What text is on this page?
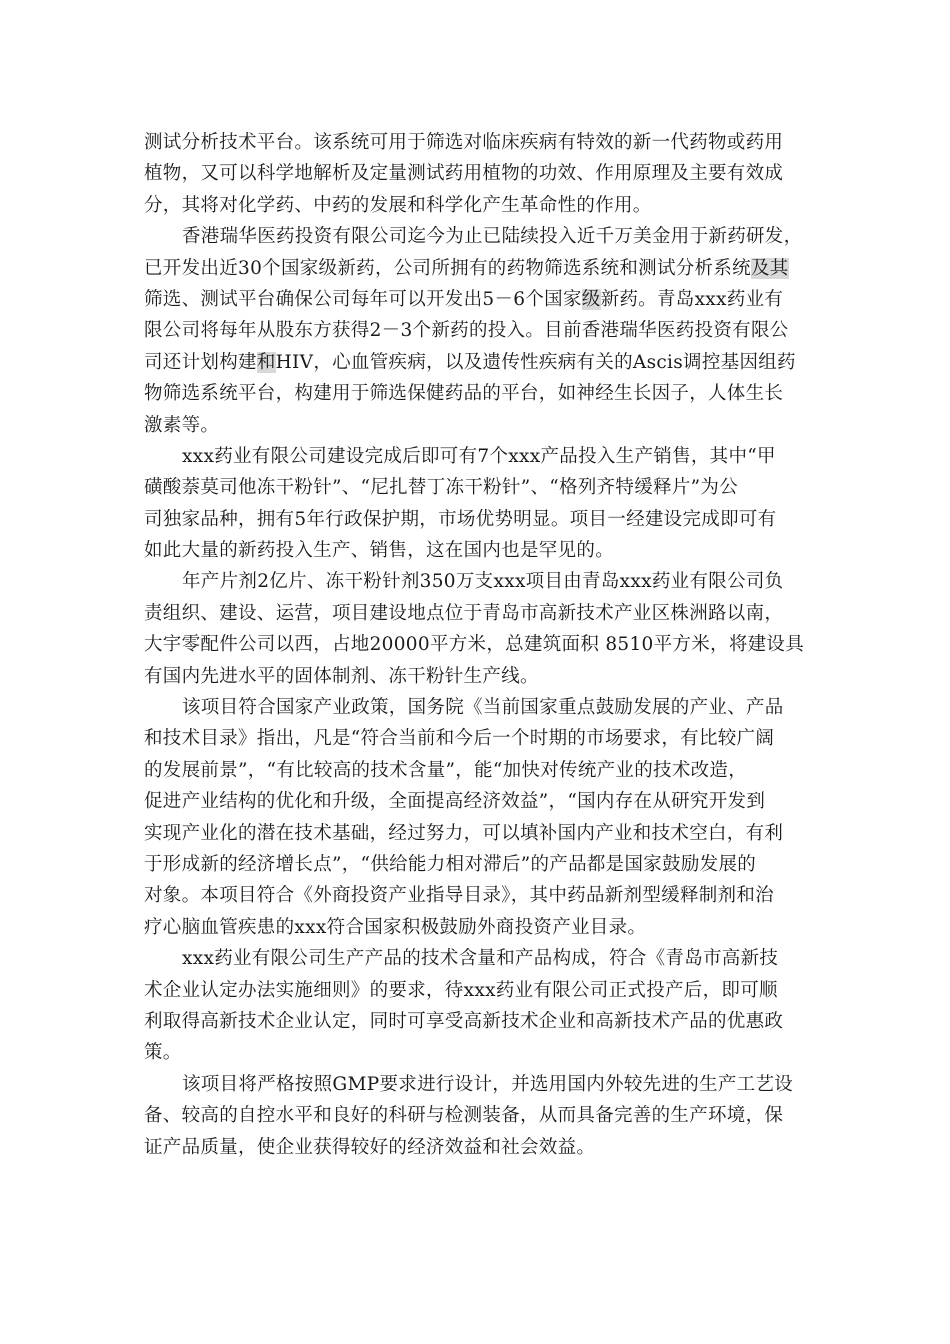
测试分析技术平台。该系统可用于筛选对临床疾病有特效的新一代药物或药用
植物，又可以科学地解析及定量测试药用植物的功效、作用原理及主要有效成
分，其将对化学药、中药的发展和科学化产生革命性的作用。
香港瑞华医药投资有限公司迄今为止已陆续投入近千万美金用于新药研发，
已开发出近30个国家级新药，公司所拥有的药物筛选系统和测试分析系统及其
筛选、测试平台确保公司每年可以开发出5－6个国家级新药。青岛xxx药业有
限公司将每年从股东方获得2－3个新药的投入。目前香港瑞华医药投资有限公
司还计划构建和HIV，心血管疾病，以及遗传性疾病有关的Ascis调控基因组药
物筛选系统平台，构建用于筛选保健药品的平台，如神经生长因子，人体生长
激素等。
xxx药业有限公司建设完成后即可有7个xxx产品投入生产销售，其中“甲
磺酸萘莫司他冻干粉针”、“尼扎替丁冻干粉针”、“格列齐特缓释片”为公
司独家品种，拥有5年行政保护期，市场优势明显。项目一经建设完成即可有
如此大量的新药投入生产、销售，这在国内也是罕见的。
年产片剂2亿片、冻干粉针剂350万支xxx项目由青岛xxx药业有限公司负
责组织、建设、运营，项目建设地点位于青岛市高新技术产业区株洲路以南，
大宇零配件公司以西，占地20000平方米，总建筑面积 8510平方米，将建设具
有国内先进水平的固体制剂、冻干粉针生产线。
该项目符合国家产业政策，国务院《当前国家重点鼓励发展的产业、产品
和技术目录》指出，凡是“符合当前和今后一个时期的市场要求，有比较广阔
的发展前景”，“有比较高的技术含量”，能“加快对传统产业的技术改造，
促进产业结构的优化和升级，全面提高经济效益”，“国内存在从研究开发到
实现产业化的潜在技术基础，经过努力，可以填补国内产业和技术空白，有利
于形成新的经济增长点”，“供给能力相对滞后”的产品都是国家鼓励发展的
对象。本项目符合《外商投资产业指导目录》，其中药品新剂型缓释制剂和治
疗心脑血管疾患的xxx符合国家积极鼓励外商投资产业目录。
xxx药业有限公司生产产品的技术含量和产品构成，符合《青岛市高新技
术企业认定办法实施细则》的要求，待xxx药业有限公司正式投产后，即可顺
利取得高新技术企业认定，同时可享受高新技术企业和高新技术产品的优惠政
策。
该项目将严格按照GMP要求进行设计，并选用国内外较先进的生产工艺设
备、较高的自控水平和良好的科研与检测装备，从而具备完善的生产环境，保
证产品质量，使企业获得较好的经济效益和社会效益。
